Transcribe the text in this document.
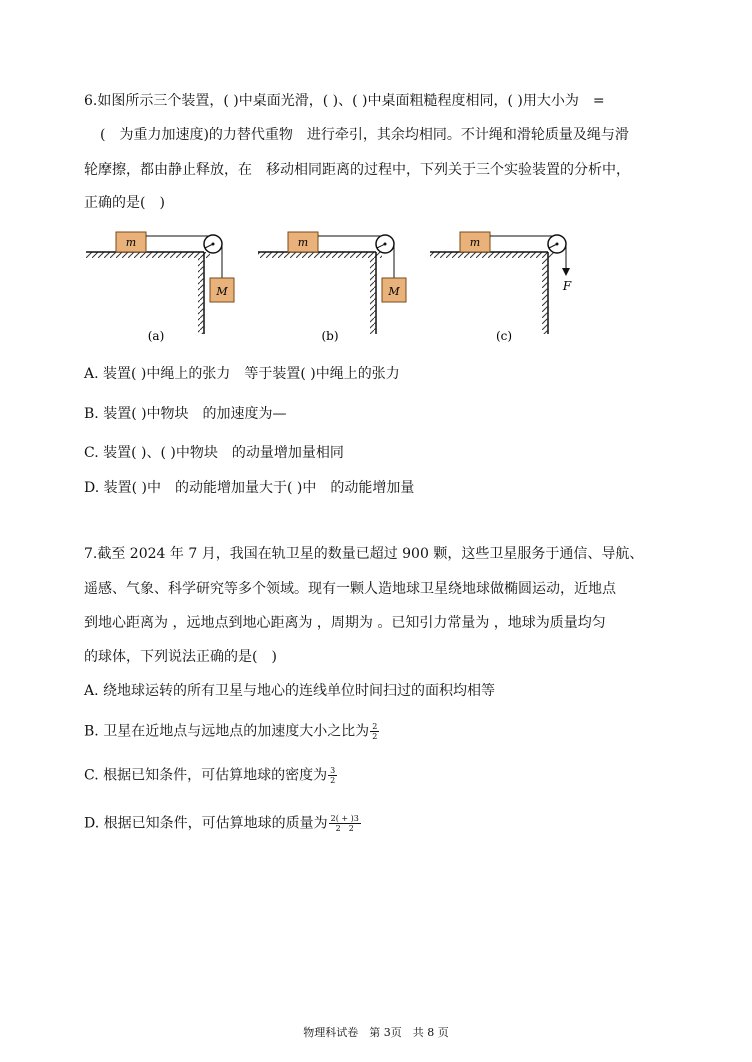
6.如图所示三个装置，( )中桌面光滑，( )、( )中桌面粗糙程度相同，( )用大小为　=
(　为重力加速度)的力替代重物　进行牵引，其余均相同。不计绳和滑轮质量及绳与滑
轮摩擦，都由静止释放，在　移动相同距离的过程中，下列关于三个实验装置的分析中，
正确的是(　)
m
M
(a)
m
M
(b)
m
F
(c)
A. 装置( )中绳上的张力　等于装置( )中绳上的张力
B. 装置( )中物块　的加速度为—
C. 装置( )、( )中物块　的动量增加量相同
D. 装置( )中　的动能增加量大于( )中　的动能增加量
7.截至 2024 年 7 月，我国在轨卫星的数量已超过 900 颗，这些卫星服务于通信、导航、
遥感、气象、科学研究等多个领域。现有一颗人造地球卫星绕地球做椭圆运动，近地点
到地心距离为 ，远地点到地心距离为 ，周期为 。已知引力常量为 ，地球为质量均匀
的球体，下列说法正确的是(　)
A. 绕地球运转的所有卫星与地心的连线单位时间扫过的面积均相等
B. 卫星在近地点与远地点的加速度大小之比为 $\frac{2}{2}$
C. 根据已知条件，可估算地球的密度为 $\frac{3}{2}$
D. 根据已知条件，可估算地球的质量为 $\frac{2( + )3}{2 2}$
物理科试卷　第 3页　共 8 页
